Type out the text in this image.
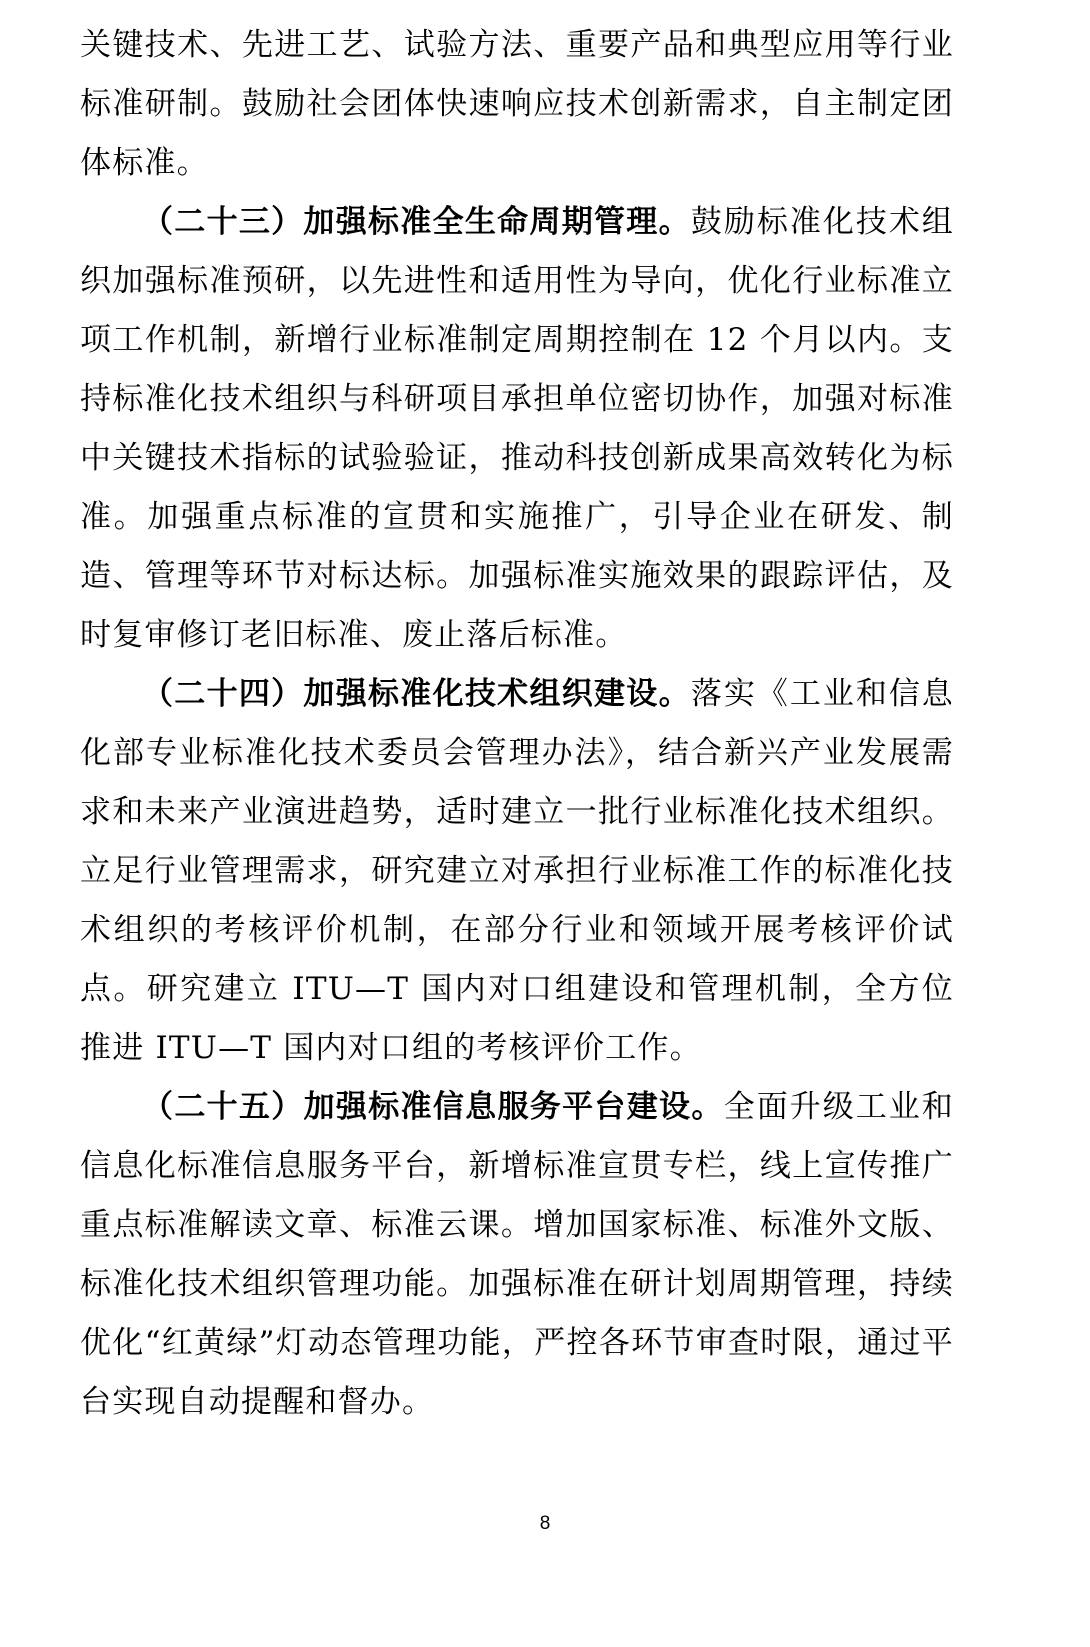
关键技术、先进工艺、试验方法、重要产品和典型应用等行业标准研制。鼓励社会团体快速响应技术创新需求，自主制定团体标准。

（二十三）加强标准全生命周期管理。鼓励标准化技术组织加强标准预研，以先进性和适用性为导向，优化行业标准立项工作机制，新增行业标准制定周期控制在 12 个月以内。支持标准化技术组织与科研项目承担单位密切协作，加强对标准中关键技术指标的试验验证，推动科技创新成果高效转化为标准。加强重点标准的宣贯和实施推广，引导企业在研发、制造、管理等环节对标达标。加强标准实施效果的跟踪评估，及时复审修订老旧标准、废止落后标准。

（二十四）加强标准化技术组织建设。落实《工业和信息化部专业标准化技术委员会管理办法》，结合新兴产业发展需求和未来产业演进趋势，适时建立一批行业标准化技术组织。立足行业管理需求，研究建立对承担行业标准工作的标准化技术组织的考核评价机制，在部分行业和领域开展考核评价试点。研究建立 ITU—T 国内对口组建设和管理机制，全方位推进 ITU—T 国内对口组的考核评价工作。

（二十五）加强标准信息服务平台建设。全面升级工业和信息化标准信息服务平台，新增标准宣贯专栏，线上宣传推广重点标准解读文章、标准云课。增加国家标准、标准外文版、标准化技术组织管理功能。加强标准在研计划周期管理，持续优化“红黄绿”灯动态管理功能，严控各环节审查时限，通过平台实现自动提醒和督办。

8
